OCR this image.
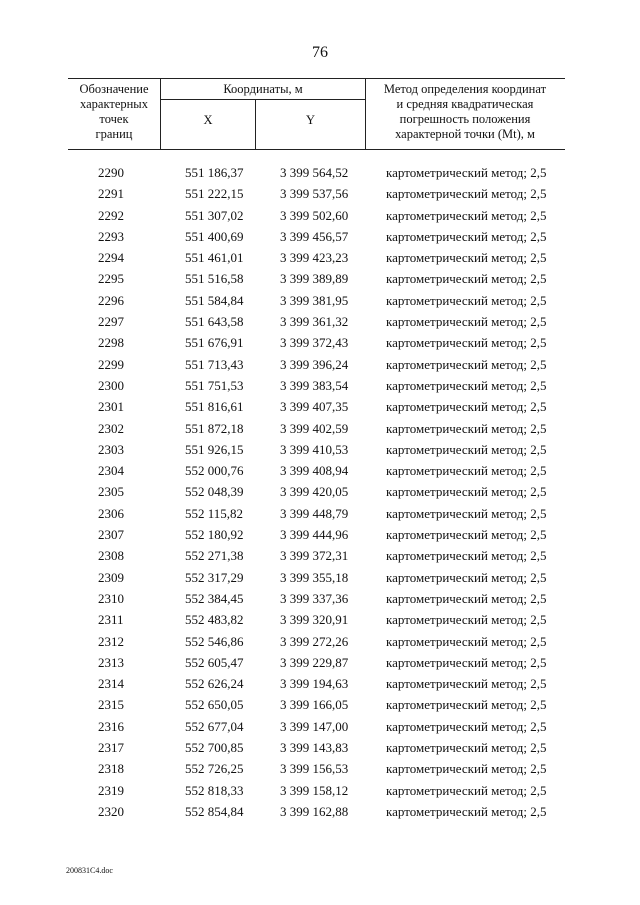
76
Обозначение
характерных
точек
границ
Координаты, м
X	Y
Метод определения координат
и средняя квадратическая
погрешность положения
характерной точки (Mt), м
2290	551 186,37	3 399 564,52	картометрический метод; 2,5
2291	551 222,15	3 399 537,56	картометрический метод; 2,5
2292	551 307,02	3 399 502,60	картометрический метод; 2,5
2293	551 400,69	3 399 456,57	картометрический метод; 2,5
2294	551 461,01	3 399 423,23	картометрический метод; 2,5
2295	551 516,58	3 399 389,89	картометрический метод; 2,5
2296	551 584,84	3 399 381,95	картометрический метод; 2,5
2297	551 643,58	3 399 361,32	картометрический метод; 2,5
2298	551 676,91	3 399 372,43	картометрический метод; 2,5
2299	551 713,43	3 399 396,24	картометрический метод; 2,5
2300	551 751,53	3 399 383,54	картометрический метод; 2,5
2301	551 816,61	3 399 407,35	картометрический метод; 2,5
2302	551 872,18	3 399 402,59	картометрический метод; 2,5
2303	551 926,15	3 399 410,53	картометрический метод; 2,5
2304	552 000,76	3 399 408,94	картометрический метод; 2,5
2305	552 048,39	3 399 420,05	картометрический метод; 2,5
2306	552 115,82	3 399 448,79	картометрический метод; 2,5
2307	552 180,92	3 399 444,96	картометрический метод; 2,5
2308	552 271,38	3 399 372,31	картометрический метод; 2,5
2309	552 317,29	3 399 355,18	картометрический метод; 2,5
2310	552 384,45	3 399 337,36	картометрический метод; 2,5
2311	552 483,82	3 399 320,91	картометрический метод; 2,5
2312	552 546,86	3 399 272,26	картометрический метод; 2,5
2313	552 605,47	3 399 229,87	картометрический метод; 2,5
2314	552 626,24	3 399 194,63	картометрический метод; 2,5
2315	552 650,05	3 399 166,05	картометрический метод; 2,5
2316	552 677,04	3 399 147,00	картометрический метод; 2,5
2317	552 700,85	3 399 143,83	картометрический метод; 2,5
2318	552 726,25	3 399 156,53	картометрический метод; 2,5
2319	552 818,33	3 399 158,12	картометрический метод; 2,5
2320	552 854,84	3 399 162,88	картометрический метод; 2,5
200831C4.doc
